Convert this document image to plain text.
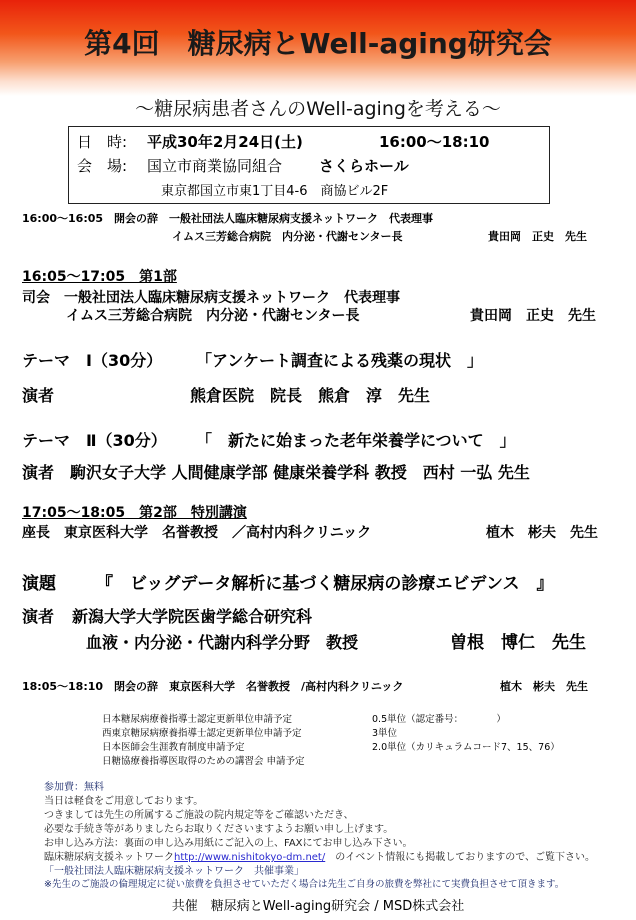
第4回　糖尿病とWell-aging研究会
～糖尿病患者さんのWell-agingを考える～
日　時: 平成30年2月24日(土)	16:00～18:10
会　場: 国立市商業協同組合 さくらホール
東京都国立市東1丁目4-6　商協ビル2F
16:00～16:05　開会の辞　一般社団法人臨床糖尿病支援ネットワーク　代表理事
イムス三芳総合病院　内分泌・代謝センター長	貴田岡　正史　先生
16:05～17:05　第1部
司会　一般社団法人臨床糖尿病支援ネットワーク　代表理事
イムス三芳総合病院　内分泌・代謝センター長	貴田岡　正史　先生
テーマ　Ⅰ（30分） 「アンケート調査による残薬の現状　」
演者	熊倉医院　院長　熊倉　淳　先生
テーマ　Ⅱ（30分） 「　新たに始まった老年栄養学について　」
演者　駒沢女子大学 人間健康学部 健康栄養学科 教授　西村 一弘 先生
17:05～18:05　第2部　特別講演
座長　東京医科大学　名誉教授　／高村内科クリニック	植木　彬夫　先生
演題 『　ビッグデータ解析に基づく糖尿病の診療エビデンス　』
演者 新潟大学大学院医歯学総合研究科
血液・内分泌・代謝内科学分野　教授	曽根　博仁　先生
18:05～18:10　閉会の辞　東京医科大学　名誉教授　/高村内科クリニック	植木　彬夫　先生
日本糖尿病療養指導士認定更新単位申請予定	0.5単位（認定番号：　　　　）
西東京糖尿病療養指導士認定更新単位申請予定	3単位
日本医師会生涯教育制度申請予定	2.0単位（カリキュラムコード7、15、76）
日糖協療養指導医取得のための講習会 申請予定
参加費：無料
当日は軽食をご用意しております。
つきましては先生の所属するご施設の院内規定等をご確認いただき、
必要な手続き等がありましたらお取りくださいますようお願い申し上げます。
お申し込み方法：裏面の申し込み用紙にご記入の上、FAXにてお申し込み下さい。
臨床糖尿病支援ネットワークhttp://www.nishitokyo-dm.net/　のイベント情報にも掲載しておりますので、ご覧下さい。
「一般社団法人臨床糖尿病支援ネットワーク　共催事業」
※先生のご施設の倫理規定に従い旅費を負担させていただく場合は先生ご自身の旅費を弊社にて実費負担させて頂きます。
共催　糖尿病とWell-aging研究会 / MSD株式会社
